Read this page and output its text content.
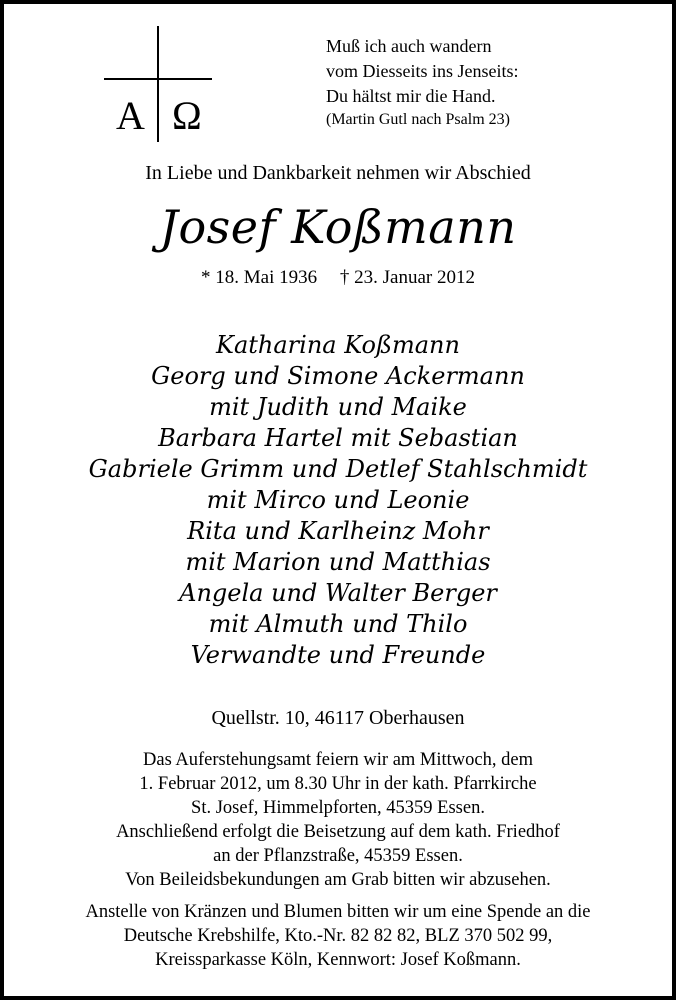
A Ω
Muß ich auch wandern
vom Diesseits ins Jenseits:
Du hältst mir die Hand.
(Martin Gutl nach Psalm 23)
In Liebe und Dankbarkeit nehmen wir Abschied
Josef Koßmann
* 18. Mai 1936 † 23. Januar 2012
Katharina Koßmann
Georg und Simone Ackermann
mit Judith und Maike
Barbara Hartel mit Sebastian
Gabriele Grimm und Detlef Stahlschmidt
mit Mirco und Leonie
Rita und Karlheinz Mohr
mit Marion und Matthias
Angela und Walter Berger
mit Almuth und Thilo
Verwandte und Freunde
Quellstr. 10, 46117 Oberhausen
Das Auferstehungsamt feiern wir am Mittwoch, dem
1. Februar 2012, um 8.30 Uhr in der kath. Pfarrkirche
St. Josef, Himmelpforten, 45359 Essen.
Anschließend erfolgt die Beisetzung auf dem kath. Friedhof
an der Pflanzstraße, 45359 Essen.
Von Beileidsbekundungen am Grab bitten wir abzusehen.
Anstelle von Kränzen und Blumen bitten wir um eine Spende an die
Deutsche Krebshilfe, Kto.-Nr. 82 82 82, BLZ 370 502 99,
Kreissparkasse Köln, Kennwort: Josef Koßmann.
